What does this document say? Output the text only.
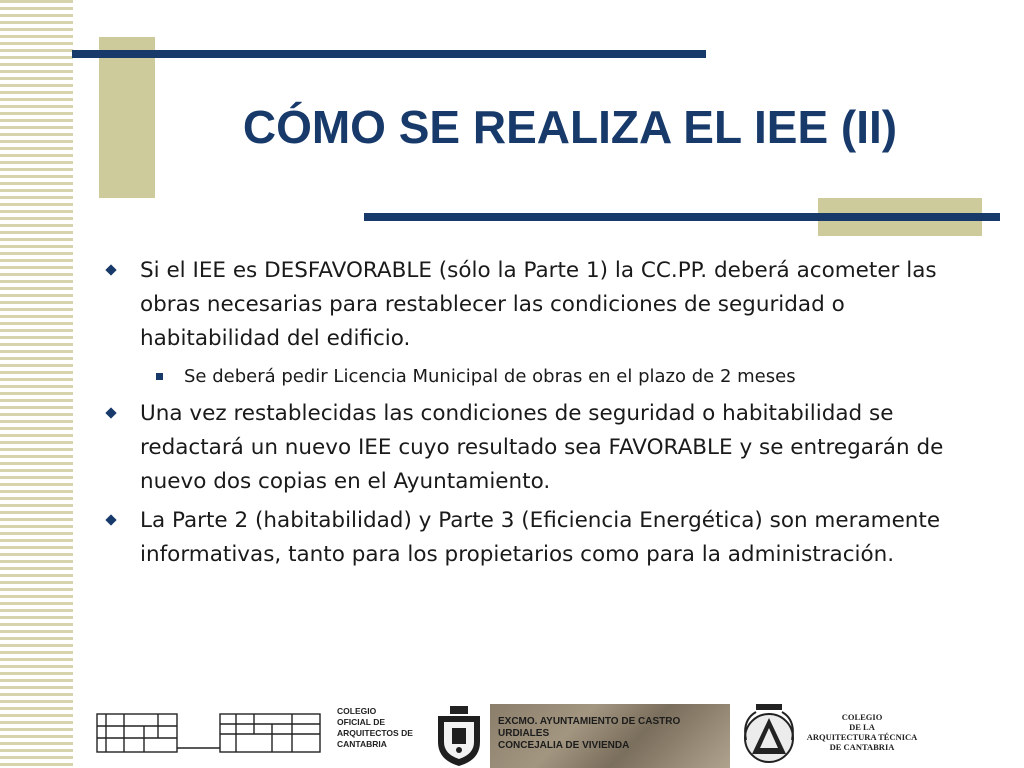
CÓMO SE REALIZA EL IEE (II)
Si el IEE es DESFAVORABLE (sólo la Parte 1) la CC.PP. deberá acometer las obras necesarias para restablecer las condiciones de seguridad o habitabilidad del edificio.
Se deberá pedir Licencia Municipal de obras en el plazo de 2 meses
Una vez restablecidas las condiciones de seguridad o habitabilidad se redactará un nuevo IEE cuyo resultado sea FAVORABLE y se entregarán de nuevo dos copias en el Ayuntamiento.
La Parte 2 (habitabilidad) y Parte 3 (Eficiencia Energética) son meramente informativas, tanto para los propietarios como para la administración.
COLEGIO
OFICIAL DE
ARQUITECTOS DE
CANTABRIA
EXCMO. AYUNTAMIENTO DE CASTRO URDIALES
CONCEJALIA DE VIVIENDA
COLEGIO
DE LA
ARQUITECTURA TÉCNICA
DE CANTABRIA
